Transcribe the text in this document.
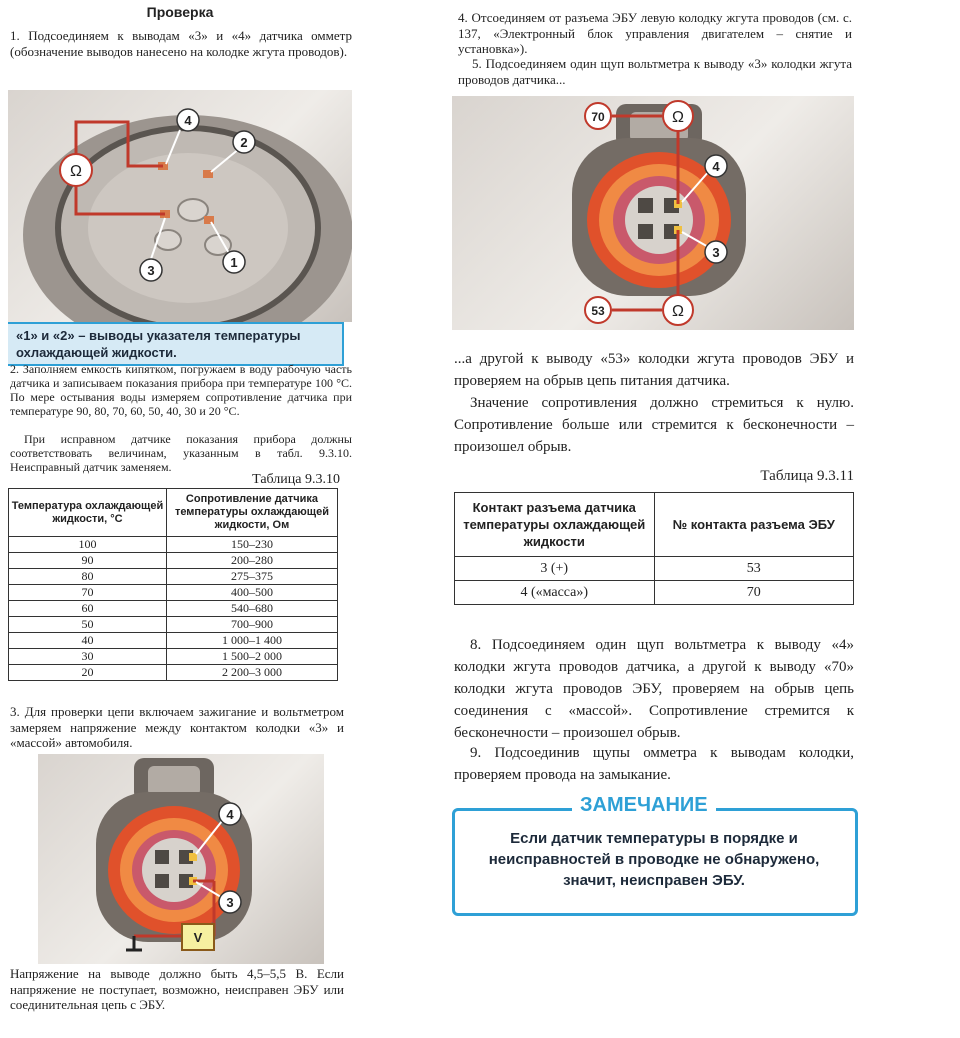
Проверка
1. Подсоединяем к выводам «3» и «4» датчика омметр (обозначение выводов нанесено на колодке жгута проводов).
Ω
4
2
3
1
«1» и «2» – выводы указателя температуры охлаждающей жидкости.
2. Заполняем емкость кипятком, погружаем в воду рабочую часть датчика и записываем показания прибора при температуре 100 °С. По мере остывания воды измеряем сопротивление датчика при температуре 90, 80, 70, 60, 50, 40, 30 и 20 °С.
При исправном датчике показания прибора должны соответствовать величинам, указанным в табл. 9.3.10. Неисправный датчик заменяем.
Таблица 9.3.10
Температура охлаждающей жидкости, °С	Сопротивление датчика температуры охлаждающей жидкости, Ом
100	150–230
90	200–280
80	275–375
70	400–500
60	540–680
50	700–900
40	1 000–1 400
30	1 500–2 000
20	2 200–3 000
3. Для проверки цепи включаем зажигание и вольтметром замеряем напряжение между контактом колодки «3» и «массой» автомобиля.
4
3
V
Напряжение на выводе должно быть 4,5–5,5 В. Если напряжение не поступает, возможно, неисправен ЭБУ или соединительная цепь с ЭБУ.
4. Отсоединяем от разъема ЭБУ левую колодку жгута проводов (см. с. 137, «Электронный блок управления двигателем – снятие и установка»).
5. Подсоединяем один щуп вольтметра к выводу «3» колодки жгута проводов датчика...
70
53
Ω
Ω
4
3
...а другой к выводу «53» колодки жгута проводов ЭБУ и проверяем на обрыв цепь питания датчика.
Значение сопротивления должно стремиться к нулю. Сопротивление больше или стремится к бесконечности – произошел обрыв.
Таблица 9.3.11
Контакт разъема датчика температуры охлаждающей жидкости	№ контакта разъема ЭБУ
3 (+)	53
4 («масса»)	70
8. Подсоединяем один щуп вольтметра к выводу «4» колодки жгута проводов датчика, а другой к выводу «70» колодки жгута проводов ЭБУ, проверяем на обрыв цепь соединения с «массой». Сопротивление стремится к бесконечности – произошел обрыв.
9. Подсоединив щупы омметра к выводам колодки, проверяем провода на замыкание.
ЗАМЕЧАНИЕ
Если датчик температуры в порядке и неисправностей в проводке не обнаружено, значит, неисправен ЭБУ.
